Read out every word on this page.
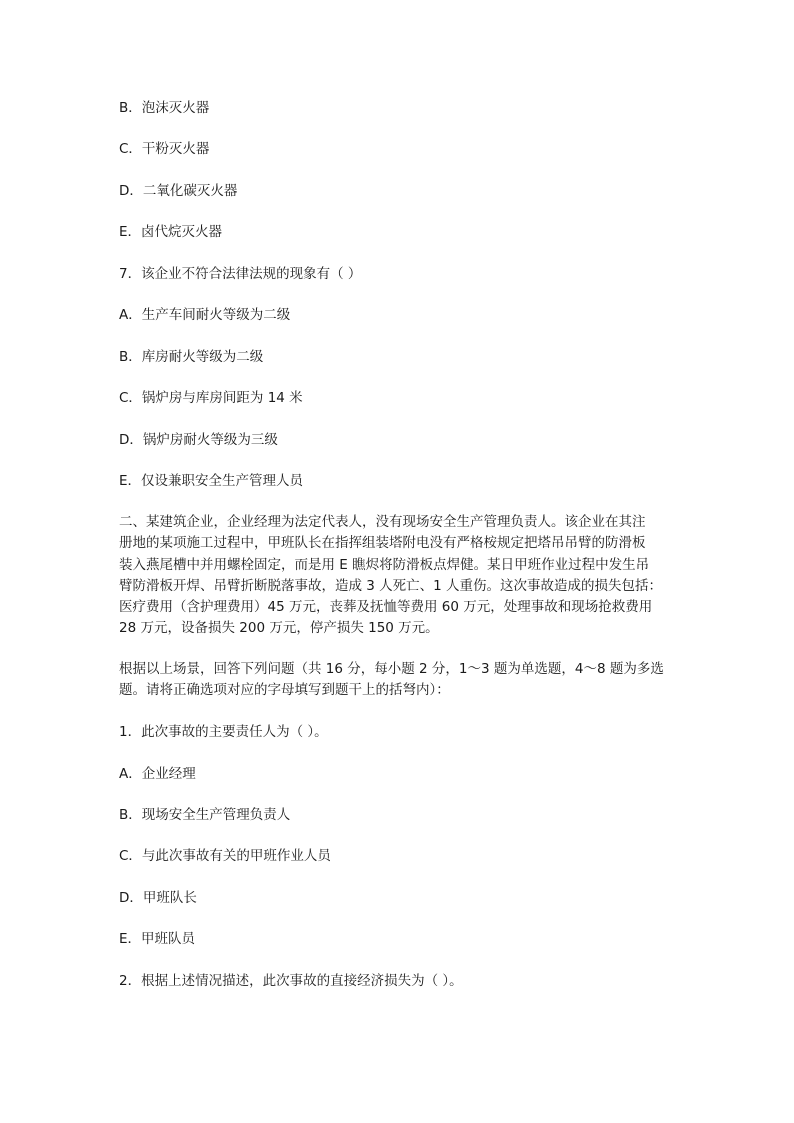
B．泡沫灭火器
C．干粉灭火器
D．二氧化碳灭火器
E．卤代烷灭火器
7．该企业不符合法律法规的现象有（ ）
A．生产车间耐火等级为二级
B．库房耐火等级为二级
C．锅炉房与库房间距为 14 米
D．锅炉房耐火等级为三级
E．仅设兼职安全生产管理人员
二、某建筑企业，企业经理为法定代表人，没有现场安全生产管理负责人。该企业在其注
册地的某项施工过程中，甲班队长在指挥组装塔附电没有严格桉规定把塔吊吊臂的防滑板
装入燕尾槽中并用螺栓固定，而是用 E 瞧烬将防滑板点焊健。某日甲班作业过程中发生吊
臂防滑板开焊、吊臂折断脱落事故，造成 3 人死亡、1 人重伤。这次事故造成的损失包括：
医疗费用（含护理费用）45 万元，丧葬及抚恤等费用 60 万元，处理事故和现场抢救费用
28 万元，设备损失 200 万元，停产损失 150 万元。
根据以上场景，回答下列问题（共 16 分，每小题 2 分，1～3 题为单选题，4～8 题为多选
题。请将正确选项对应的字母填写到题干上的括弩内）：
1．此次事故的主要责任人为（ ）。
A．企业经理
B．现场安全生产管理负责人
C．与此次事故有关的甲班作业人员
D．甲班队长
E．甲班队员
2．根据上述情况描述，此次事故的直接经济损失为（ ）。
